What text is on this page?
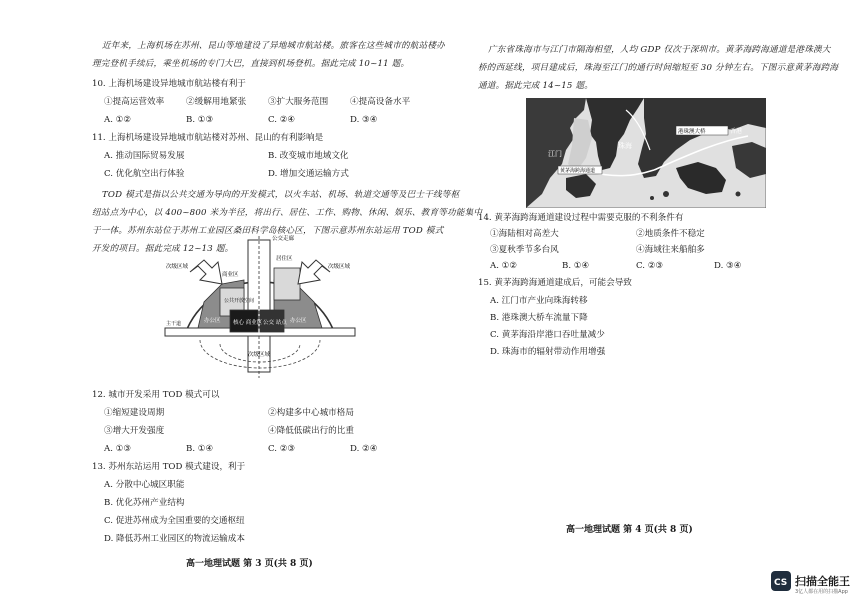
近年来，上海机场在苏州、昆山等地建设了异地城市航站楼。旅客在这些城市的航站楼办
理完登机手续后，乘坐机场的专门大巴，直接到机场登机。据此完成 10~11 题。
10. 上海机场建设异地城市航站楼有利于
①提高运营效率	②缓解用地紧张	③扩大服务范围	④提高设备水平
A. ①②	B. ①③	C. ②④	D. ③④
11. 上海机场建设异地城市航站楼对苏州、昆山的有利影响是
A. 推动国际贸易发展	B. 改变城市地域文化
C. 优化航空出行体验	D. 增加交通运输方式
TOD 模式是指以公共交通为导向的开发模式，以火车站、机场、轨道交通等及巴士干线等枢
纽站点为中心，以 400~800 米为半径，将出行、居住、工作、购物、休闲、娱乐、教育等功能集中
于一体。苏州东站位于苏州工业园区桑田科学岛核心区，下图示意苏州东站运用 TOD 模式
开发的项目。据此完成 12~13 题。
公交走廊
次级区域	次级区域
次级区域
居住区
商业区
办公区	办公区
公共开放空间
核心 商业区 公交 站点
主干道
12. 城市开发采用 TOD 模式可以
①缩短建设周期	②构建多中心城市格局
③增大开发强度	④降低低碳出行的比重
A. ①③	B. ①④	C. ②③	D. ②④
13. 苏州东站运用 TOD 模式建设，利于
A. 分散中心城区职能
B. 优化苏州产业结构
C. 促进苏州成为全国重要的交通枢纽
D. 降低苏州工业园区的物流运输成本
高一地理试题 第 3 页(共 8 页)
广东省珠海市与江门市隔海相望，人均 GDP 仅次于深圳市。黄茅海跨海通道是港珠澳大
桥的西延线，项目建成后，珠海至江门的通行时间缩短至 30 分钟左右。下图示意黄茅海跨海
通道。据此完成 14~15 题。
江门
珠海
港珠澳大桥	香港
黄茅海跨海通道
14. 黄茅海跨海通道建设过程中需要克服的不利条件有
①海陆相对高差大	②地质条件不稳定
③夏秋季节多台风	④海域往来船舶多
A. ①②	B. ①④	C. ②③	D. ③④
15. 黄茅海跨海通道建成后，可能会导致
A. 江门市产业向珠海转移
B. 港珠澳大桥车流量下降
C. 黄茅海沿岸港口吞吐量减少
D. 珠海市的辐射带动作用增强
高一地理试题 第 4 页(共 8 页)
CS 扫描全能王
3亿人都在用的扫描App
